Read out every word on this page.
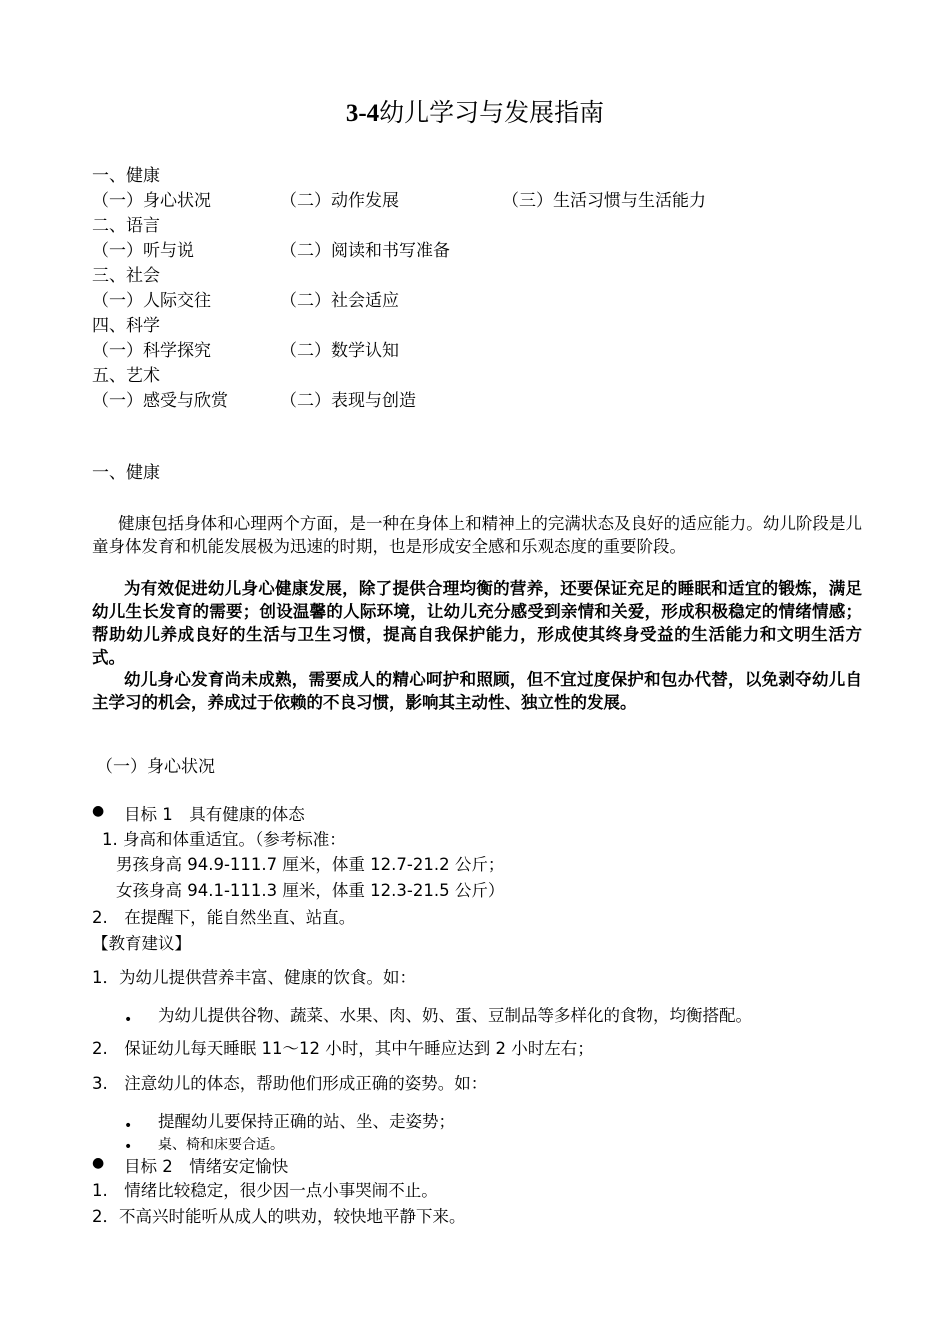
3-4幼儿学习与发展指南
一、健康
（一）身心状况	（二）动作发展	（三）生活习惯与生活能力
二、语言
（一）听与说	（二）阅读和书写准备
三、社会
（一）人际交往	（二）社会适应
四、科学
（一）科学探究	（二）数学认知
五、艺术
（一）感受与欣赏	（二）表现与创造
一、健康
健康包括身体和心理两个方面，是一种在身体上和精神上的完满状态及良好的适应能力。幼儿阶段是儿童身体发育和机能发展极为迅速的时期，也是形成安全感和乐观态度的重要阶段。
为有效促进幼儿身心健康发展，除了提供合理均衡的营养，还要保证充足的睡眠和适宜的锻炼，满足幼儿生长发育的需要；创设温馨的人际环境，让幼儿充分感受到亲情和关爱，形成积极稳定的情绪情感；帮助幼儿养成良好的生活与卫生习惯，提高自我保护能力，形成使其终身受益的生活能力和文明生活方式。
幼儿身心发育尚未成熟，需要成人的精心呵护和照顾，但不宜过度保护和包办代替，以免剥夺幼儿自主学习的机会，养成过于依赖的不良习惯，影响其主动性、独立性的发展。
（一）身心状况
● 目标 1　具有健康的体态
1. 身高和体重适宜。（参考标准：
男孩身高 94.9-111.7 厘米，体重 12.7-21.2 公斤；
女孩身高 94.1-111.3 厘米，体重 12.3-21.5 公斤）
2.　在提醒下，能自然坐直、站直。
【教育建议】
1．为幼儿提供营养丰富、健康的饮食。如：
• 为幼儿提供谷物、蔬菜、水果、肉、奶、蛋、豆制品等多样化的食物，均衡搭配。
2.　保证幼儿每天睡眠 11～12 小时，其中午睡应达到 2 小时左右；
3.　注意幼儿的体态，帮助他们形成正确的姿势。如：
• 提醒幼儿要保持正确的站、坐、走姿势；
• 桌、椅和床要合适。
● 目标 2　情绪安定愉快
1.　情绪比较稳定，很少因一点小事哭闹不止。
2．不高兴时能听从成人的哄劝，较快地平静下来。
